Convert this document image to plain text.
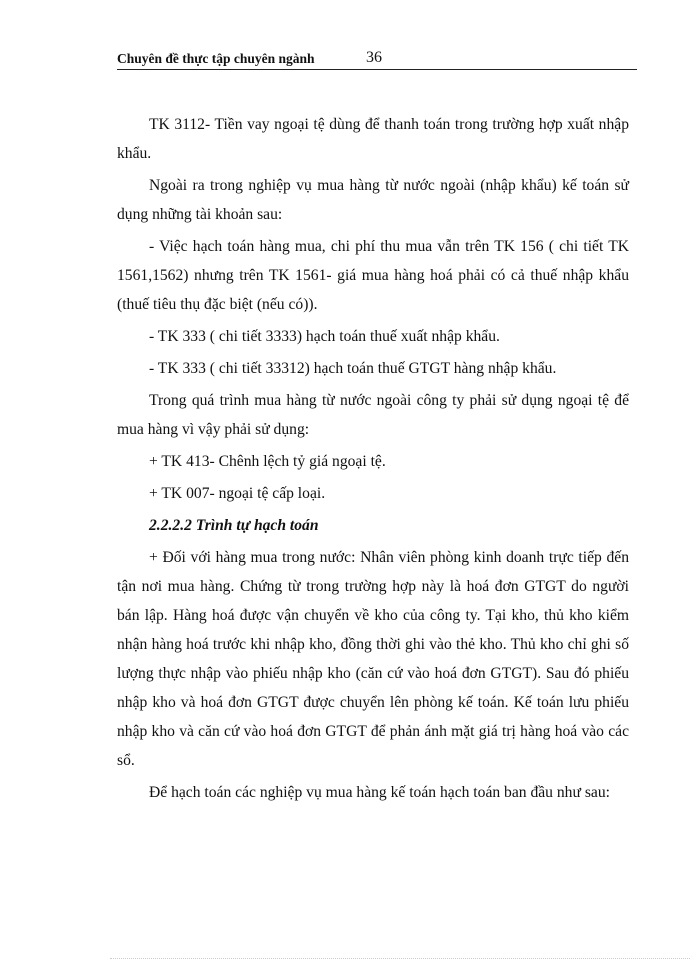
Chuyên đề thực tập chuyên ngành	36

TK 3112- Tiền vay ngoại tệ dùng để thanh toán trong trường hợp xuất nhập khẩu.

Ngoài ra trong nghiệp vụ mua hàng từ nước ngoài (nhập khẩu) kế toán sử dụng những tài khoản sau:

- Việc hạch toán hàng mua, chi phí thu mua vẫn trên TK 156 ( chi tiết TK 1561,1562) nhưng trên TK 1561- giá mua hàng hoá phải có cả thuế nhập khẩu (thuế tiêu thụ đặc biệt (nếu có)).

- TK 333 ( chi tiết 3333) hạch toán thuế xuất nhập khẩu.

- TK 333 ( chi tiết 33312) hạch toán thuế GTGT hàng nhập khẩu.

Trong quá trình mua hàng từ nước ngoài công ty phải sử dụng ngoại tệ để mua hàng vì vậy phải sử dụng:

+ TK 413- Chênh lệch tỷ giá ngoại tệ.

+ TK 007- ngoại tệ cấp loại.

2.2.2.2 Trình tự hạch toán

+ Đối với hàng mua trong nước: Nhân viên phòng kinh doanh trực tiếp đến tận nơi mua hàng. Chứng từ trong trường hợp này là hoá đơn GTGT do người bán lập. Hàng hoá được vận chuyển về kho của công ty. Tại kho, thủ kho kiểm nhận hàng hoá trước khi nhập kho, đồng thời ghi vào thẻ kho. Thủ kho chỉ ghi số lượng thực nhập vào phiếu nhập kho (căn cứ vào hoá đơn GTGT). Sau đó phiếu nhập kho và hoá đơn GTGT được chuyển lên phòng kế toán. Kế toán lưu phiếu nhập kho và căn cứ vào hoá đơn GTGT để phản ánh mặt giá trị hàng hoá vào các sổ.

Để hạch toán các nghiệp vụ mua hàng kế toán hạch toán ban đầu như sau:
